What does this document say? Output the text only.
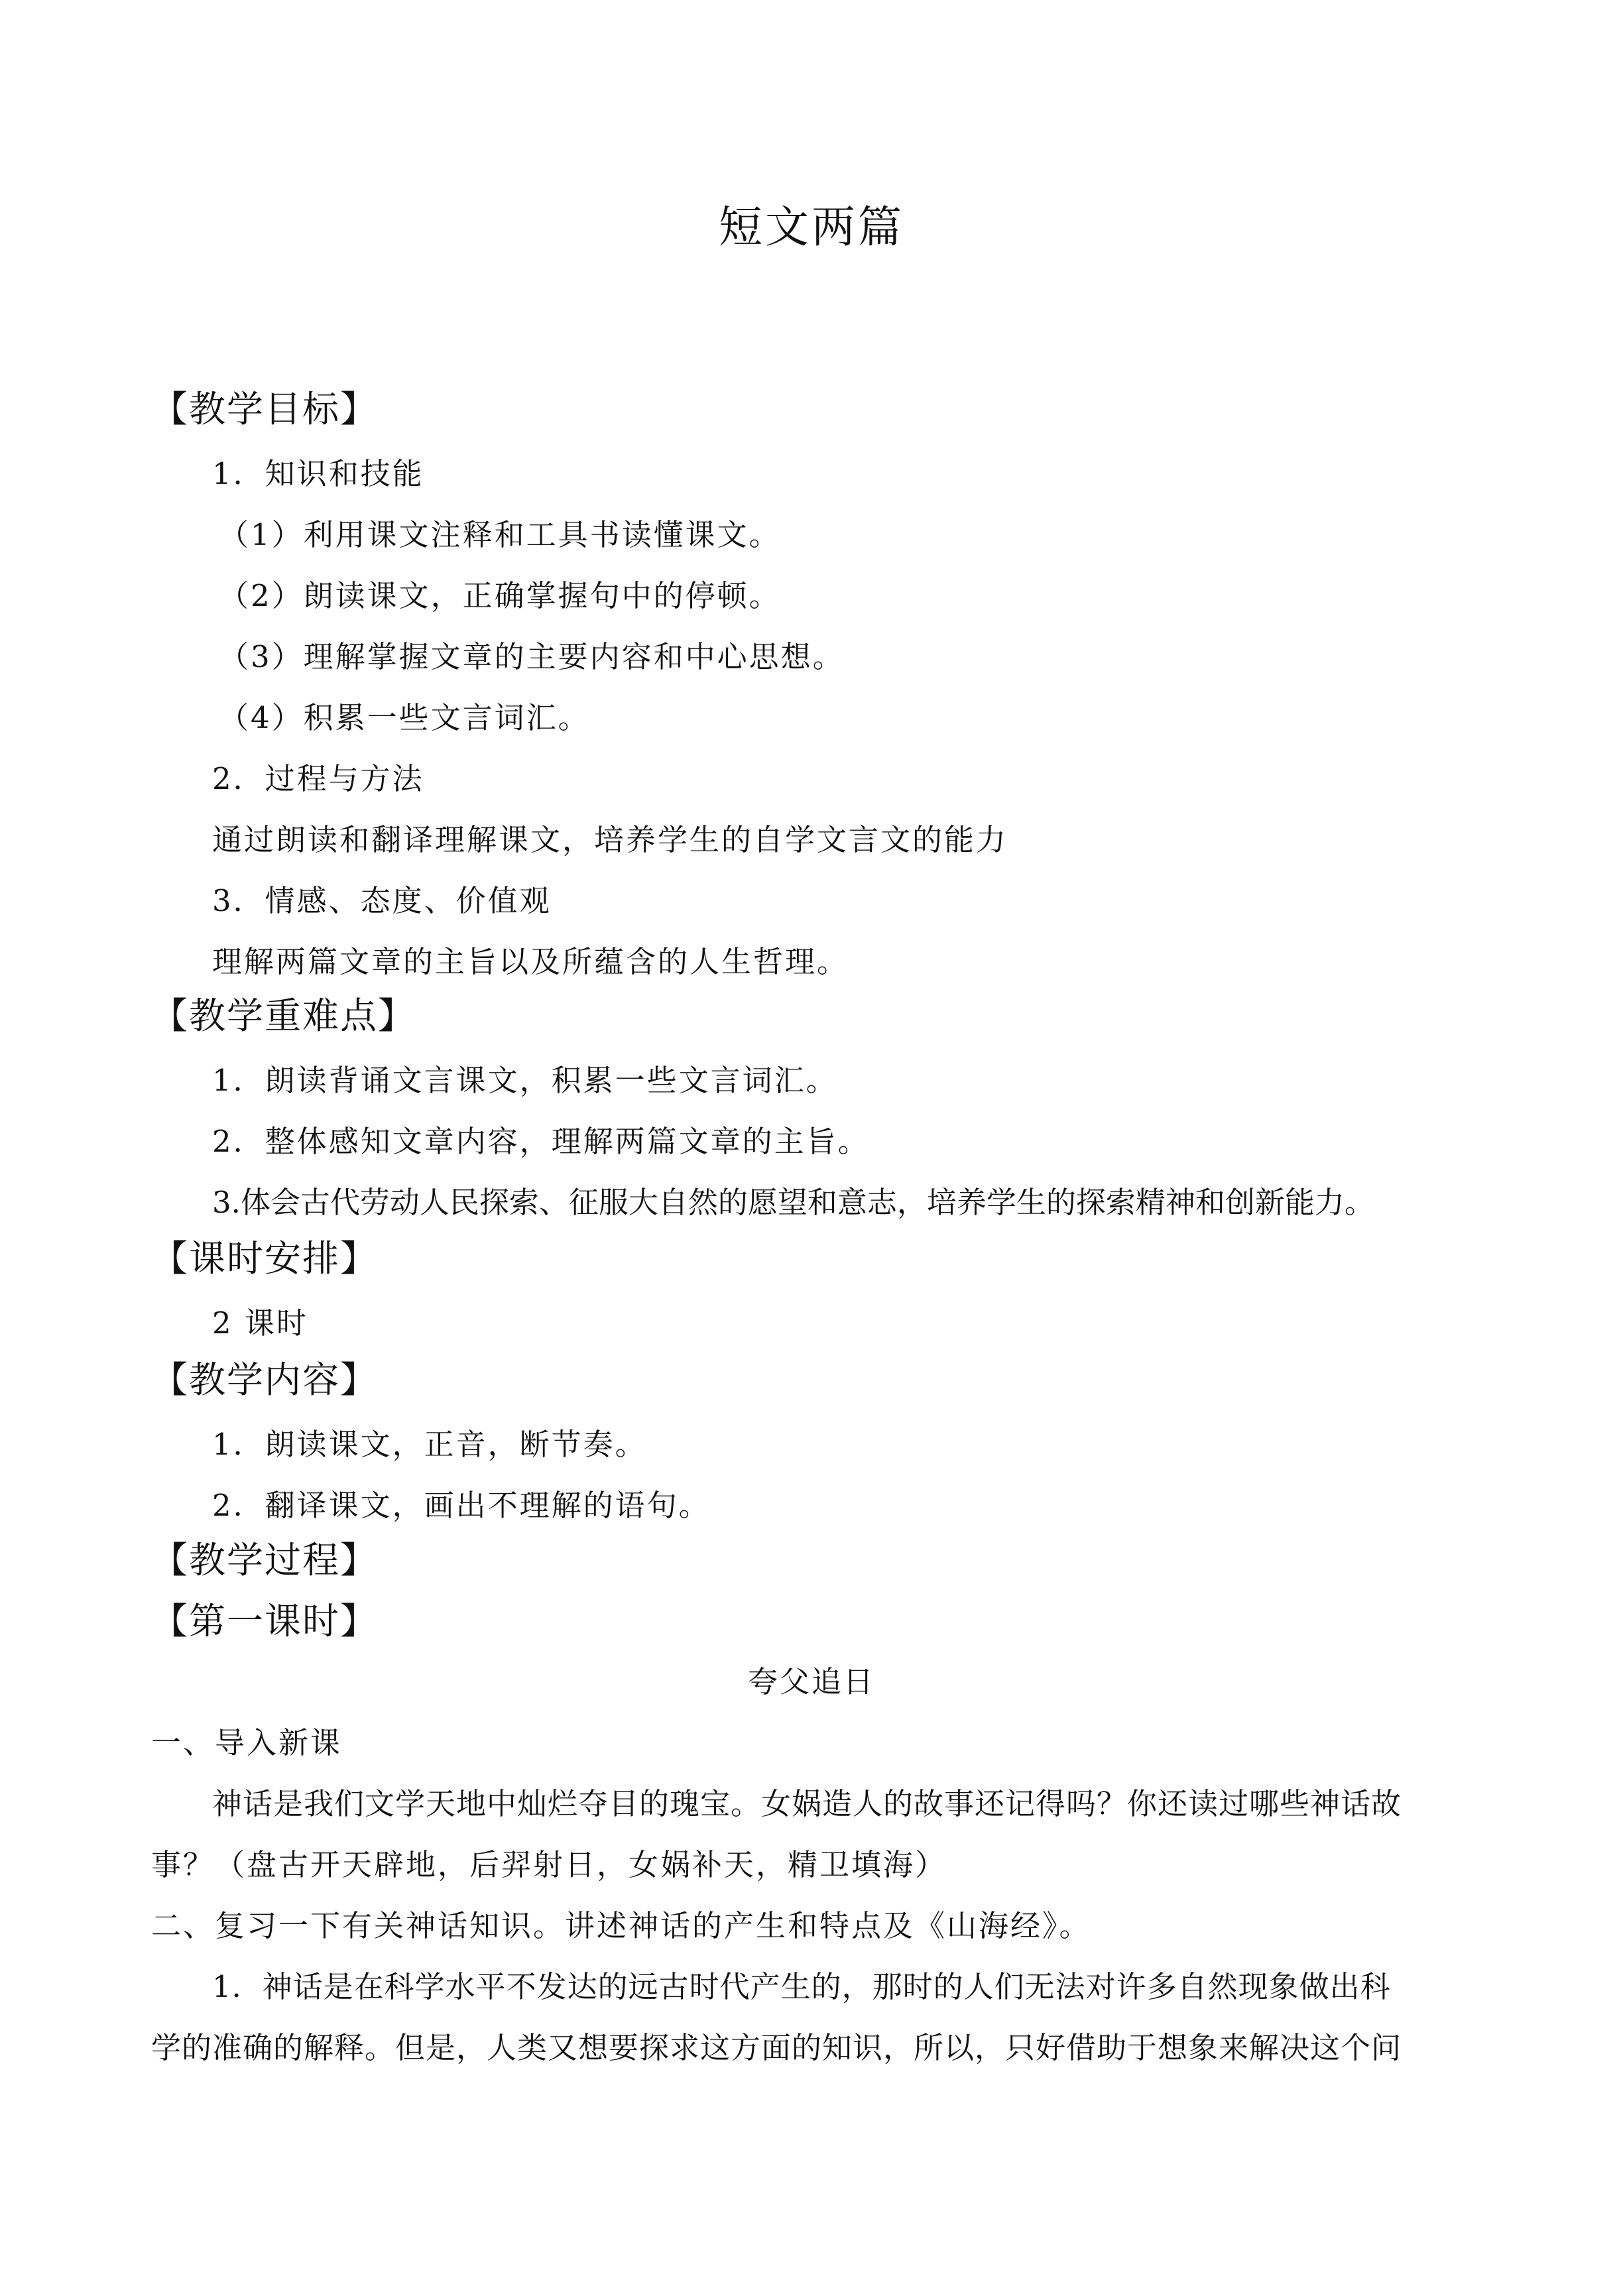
短文两篇
【教学目标】
1．知识和技能
（1）利用课文注释和工具书读懂课文。
（2）朗读课文，正确掌握句中的停顿。
（3）理解掌握文章的主要内容和中心思想。
（4）积累一些文言词汇。
2．过程与方法
通过朗读和翻译理解课文，培养学生的自学文言文的能力
3．情感、态度、价值观
理解两篇文章的主旨以及所蕴含的人生哲理。
【教学重难点】
1．朗读背诵文言课文，积累一些文言词汇。
2．整体感知文章内容，理解两篇文章的主旨。
3.体会古代劳动人民探索、征服大自然的愿望和意志，培养学生的探索精神和创新能力。
【课时安排】
2 课时
【教学内容】
1．朗读课文，正音，断节奏。
2．翻译课文，画出不理解的语句。
【教学过程】
【第一课时】
夸父追日
一、导入新课
神话是我们文学天地中灿烂夺目的瑰宝。女娲造人的故事还记得吗？你还读过哪些神话故
事？（盘古开天辟地，后羿射日，女娲补天，精卫填海）
二、复习一下有关神话知识。讲述神话的产生和特点及《山海经》。
1．神话是在科学水平不发达的远古时代产生的，那时的人们无法对许多自然现象做出科
学的准确的解释。但是，人类又想要探求这方面的知识，所以，只好借助于想象来解决这个问
